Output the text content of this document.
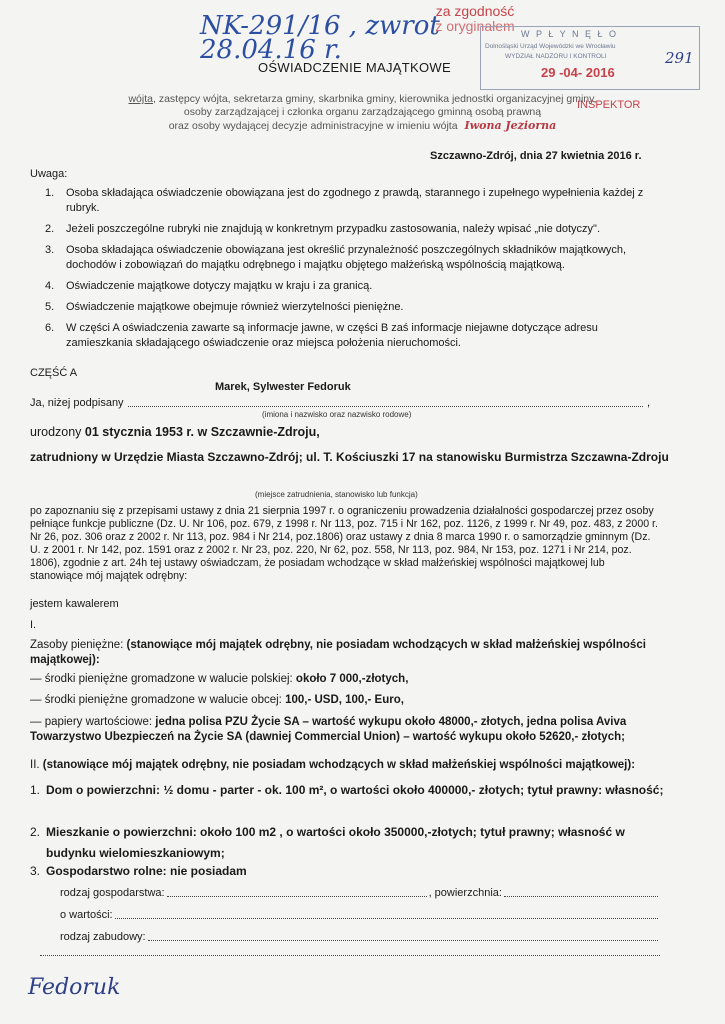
NK-291/16 , zwrot 28.04.16 r.
za zgodność
z oryginałem W P Ł Y N Ę Ł O
Dolnośląski Urząd Wojewódzki we Wrocławiu
WYDZIAŁ NADZORU I KONTROLI
29 -04- 2016
INSPEKTOR
291
OŚWIADCZENIE MAJĄTKOWE
wójta, zastępcy wójta, sekretarza gminy, skarbnika gminy, kierownika jednostki organizacyjnej gminy,
osoby zarządzającej i członka organu zarządzającego gminną osobą prawną
oraz osoby wydającej decyzje administracyjne w imieniu wójta Iwona Jeziorna
Szczawno-Zdrój, dnia 27 kwietnia 2016 r.
Uwaga:
1.	Osoba składająca oświadczenie obowiązana jest do zgodnego z prawdą, starannego i zupełnego wypełnienia każdej z rubryk.
2.	Jeżeli poszczególne rubryki nie znajdują w konkretnym przypadku zastosowania, należy wpisać „nie dotyczy".
3.	Osoba składająca oświadczenie obowiązana jest określić przynależność poszczególnych składników majątkowych, dochodów i zobowiązań do majątku odrębnego i majątku objętego małżeńską wspólnością majątkową.
4.	Oświadczenie majątkowe dotyczy majątku w kraju i za granicą.
5.	Oświadczenie majątkowe obejmuje również wierzytelności pieniężne.
6.	W części A oświadczenia zawarte są informacje jawne, w części B zaś informacje niejawne dotyczące adresu zamieszkania składającego oświadczenie oraz miejsca położenia nieruchomości.
CZĘŚĆ A
Marek, Sylwester Fedoruk
Ja, niżej podpisany	,
(imiona i nazwisko oraz nazwisko rodowe)
urodzony 01 stycznia 1953 r. w Szczawnie-Zdroju,
zatrudniony w Urzędzie Miasta Szczawno-Zdrój; ul. T. Kościuszki 17 na stanowisku Burmistrza Szczawna-Zdroju
(miejsce zatrudnienia, stanowisko lub funkcja)
po zapoznaniu się z przepisami ustawy z dnia 21 sierpnia 1997 r. o ograniczeniu prowadzenia działalności gospodarczej przez osoby pełniące funkcje publiczne (Dz. U. Nr 106, poz. 679, z 1998 r. Nr 113, poz. 715 i Nr 162, poz. 1126, z 1999 r. Nr 49, poz. 483, z 2000 r. Nr 26, poz. 306 oraz z 2002 r. Nr 113, poz. 984 i Nr 214, poz.1806) oraz ustawy z dnia 8 marca 1990 r. o samorządzie gminnym (Dz. U. z 2001 r. Nr 142, poz. 1591 oraz z 2002 r. Nr 23, poz. 220, Nr 62, poz. 558, Nr 113, poz. 984, Nr 153, poz. 1271 i Nr 214, poz. 1806), zgodnie z art. 24h tej ustawy oświadczam, że posiadam wchodzące w skład małżeńskiej wspólności majątkowej lub stanowiące mój majątek odrębny:
jestem kawalerem
I.
Zasoby pieniężne: (stanowiące mój majątek odrębny, nie posiadam wchodzących w skład małżeńskiej wspólności majątkowej):
— środki pieniężne gromadzone w walucie polskiej: około 7 000,-złotych,
— środki pieniężne gromadzone w walucie obcej: 100,- USD, 100,- Euro,
— papiery wartościowe: jedna polisa PZU Życie SA – wartość wykupu około 48000,- złotych, jedna polisa Aviva Towarzystwo Ubezpieczeń na Życie SA (dawniej Commercial Union) – wartość wykupu około 52620,- złotych;
II. (stanowiące mój majątek odrębny, nie posiadam wchodzących w skład małżeńskiej wspólności majątkowej):
1. Dom o powierzchni: ½ domu - parter - ok. 100 m², o wartości około 400000,- złotych; tytuł prawny: własność;
2. Mieszkanie o powierzchni: około 100 m2 , o wartości około 350000,-złotych; tytuł prawny; własność w budynku wielomieszkaniowym;
3. Gospodarstwo rolne: nie posiadam
rodzaj gospodarstwa:	, powierzchnia:
o wartości:
rodzaj zabudowy:
Fedoruk
